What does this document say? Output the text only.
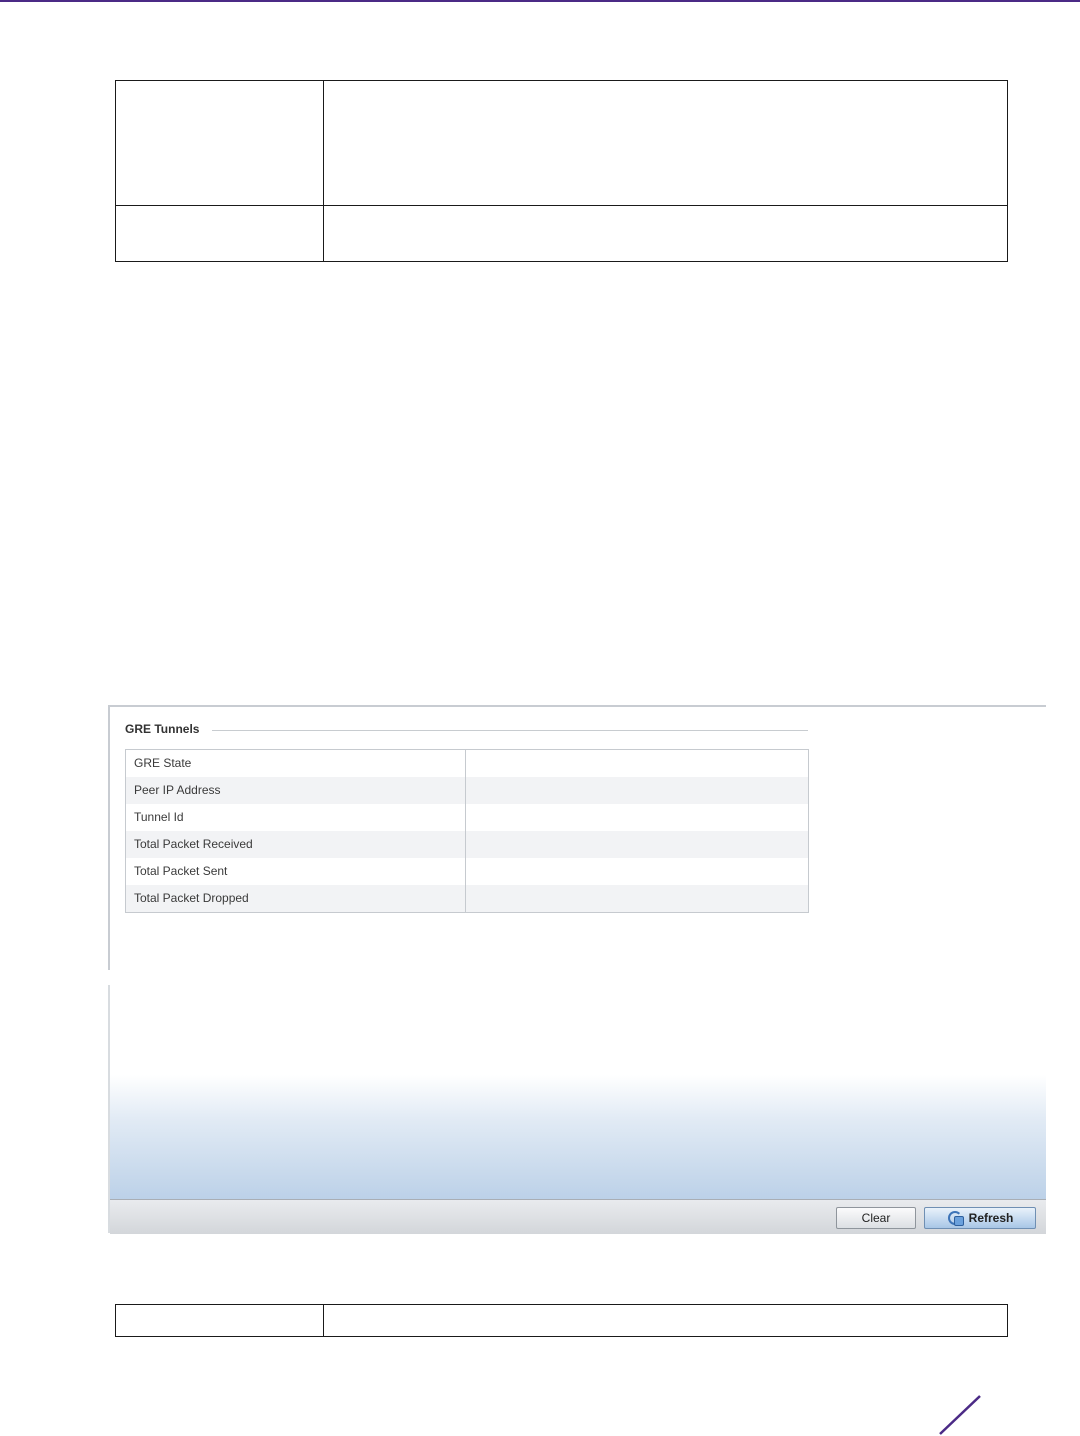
GRE Tunnels
GRE State
Peer IP Address
Tunnel Id
Total Packet Received
Total Packet Sent
Total Packet Dropped
Clear	Refresh
